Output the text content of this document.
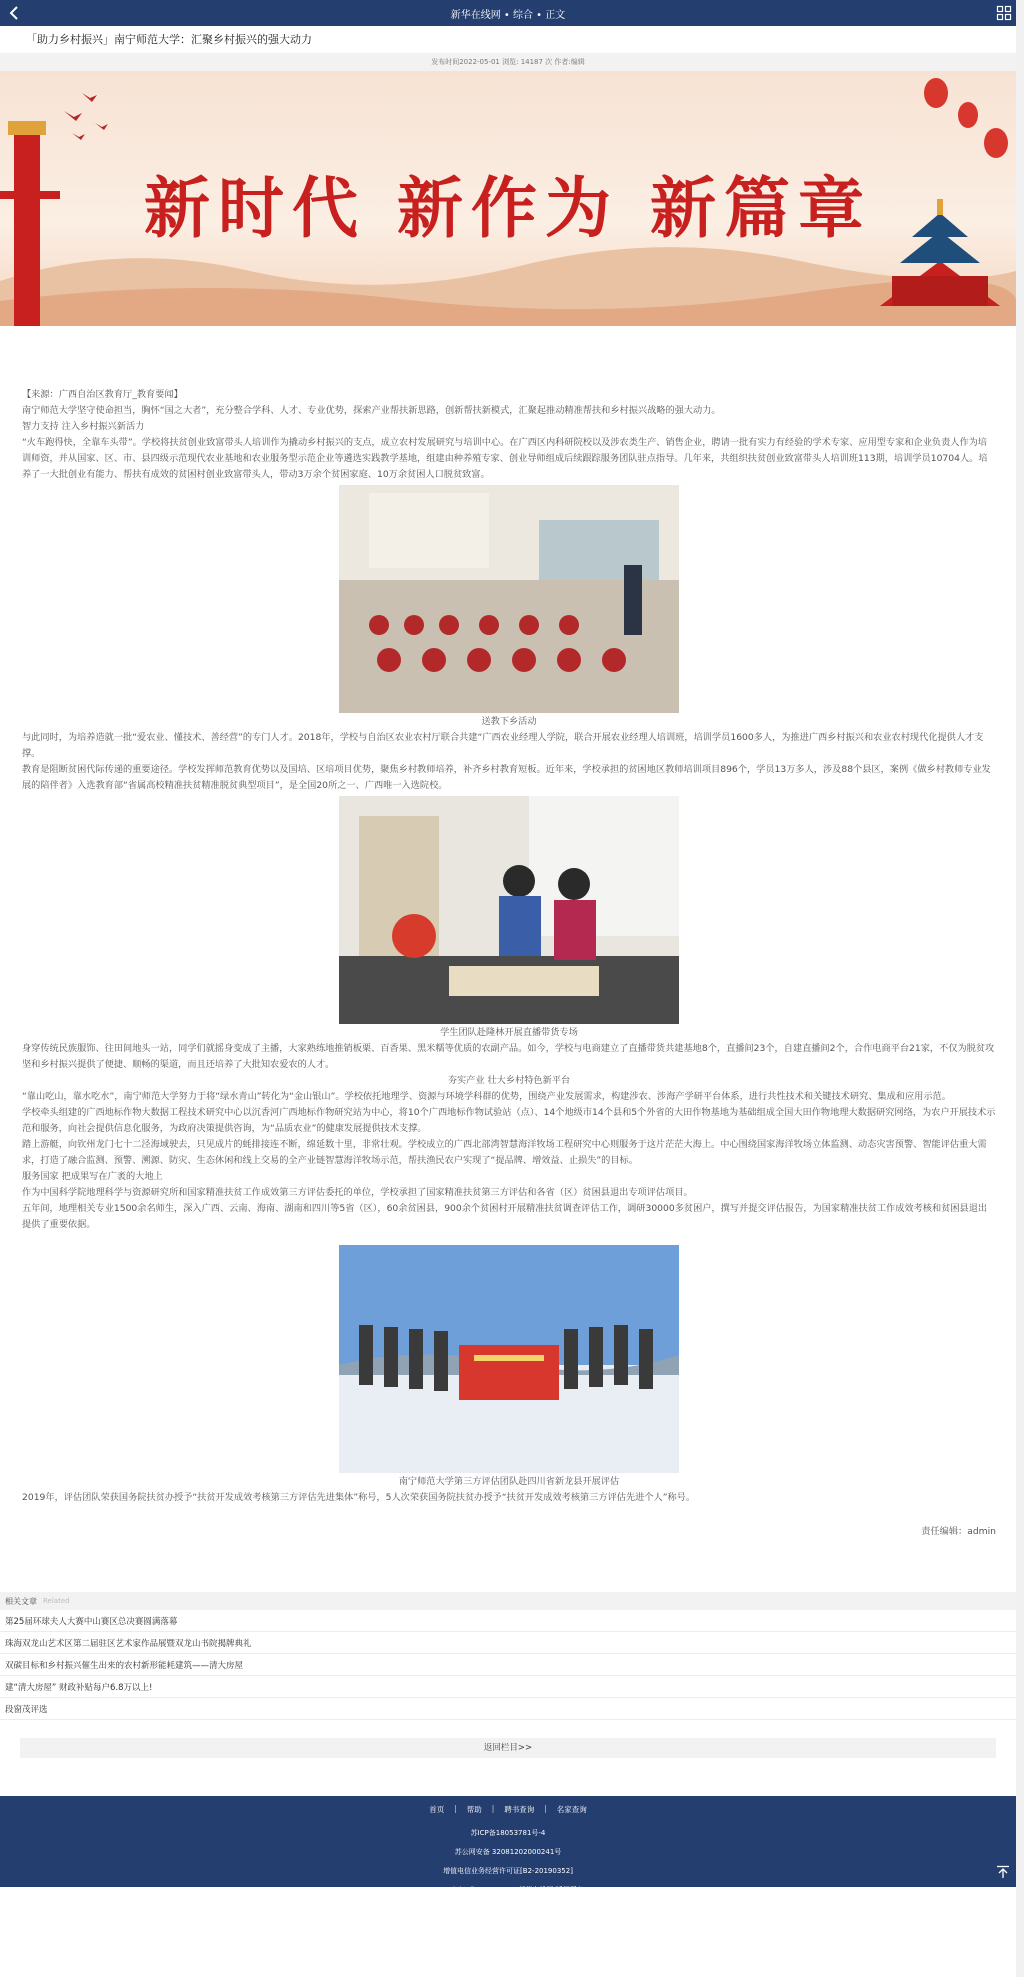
新华在线网 • 综合 • 正文
「助力乡村振兴」南宁师范大学：汇聚乡村振兴的强大动力
发布时间2022-05-01 浏览: 14187 次 作者:编辑
新时代 新作为 新篇章

【来源：广西自治区教育厅_教育要闻】

南宁师范大学坚守使命担当，胸怀“国之大者”，充分整合学科、人才、专业优势，探索产业帮扶新思路，创新帮扶新模式，汇聚起推动精准帮扶和乡村振兴战略的强大动力。

智力支持 注入乡村振兴新活力

“火车跑得快，全靠车头带”。学校将扶贫创业致富带头人培训作为撬动乡村振兴的支点，成立农村发展研究与培训中心。在广西区内科研院校以及涉农类生产、销售企业，聘请一批有实力有经验的学术专家、应用型专家和企业负责人作为培训师资，并从国家、区、市、县四级示范现代农业基地和农业服务型示范企业等遴选实践教学基地，组建由种养殖专家、创业导师组成后续跟踪服务团队驻点指导。几年来，共组织扶贫创业致富带头人培训班113期，培训学员10704人。培养了一大批创业有能力、帮扶有成效的贫困村创业致富带头人，带动3万余个贫困家庭、10万余贫困人口脱贫致富。

送教下乡活动

与此同时，为培养造就一批“爱农业、懂技术、善经营”的专门人才。2018年，学校与自治区农业农村厅联合共建“广西农业经理人学院，联合开展农业经理人培训班，培训学员1600多人，为推进广西乡村振兴和农业农村现代化提供人才支撑。

教育是阻断贫困代际传递的重要途径。学校发挥师范教育优势以及国培、区培项目优势，聚焦乡村教师培养，补齐乡村教育短板。近年来，学校承担的贫困地区教师培训项目896个，学员13万多人，涉及88个县区，案例《做乡村教师专业发展的陪伴者》入选教育部“省属高校精准扶贫精准脱贫典型项目”，是全国20所之一、广西唯一入选院校。

学生团队赴隆林开展直播带货专场

身穿传统民族服饰、往田间地头一站，同学们就摇身变成了主播，大家熟练地推销板栗、百香果、黑米糯等优质的农副产品。如今，学校与电商建立了直播带货共建基地8个，直播间23个，自建直播间2个，合作电商平台21家，不仅为脱贫攻坚和乡村振兴提供了便捷、顺畅的渠道，而且还培养了大批知农爱农的人才。

夯实产业 壮大乡村特色新平台

“靠山吃山，靠水吃水”，南宁师范大学努力于将“绿水青山”转化为“金山银山”。学校依托地理学、资源与环境学科群的优势，围绕产业发展需求，构建涉农、涉海产学研平台体系，进行共性技术和关键技术研究、集成和应用示范。

学校牵头组建的广西地标作物大数据工程技术研究中心以沉香河广西地标作物研究站为中心，将10个广西地标作物试验站（点）、14个地级市14个县和5个外省的大田作物基地为基础组成全国大田作物地理大数据研究网络，为农户开展技术示范和服务，向社会提供信息化服务，为政府决策提供咨询，为“品质农业”的健康发展提供技术支撑。

踏上游艇，向钦州龙门七十二泾海域驶去，只见成片的蚝排接连不断，绵延数十里，非常壮观。学校成立的广西北部湾智慧海洋牧场工程研究中心则服务于这片茫茫大海上。中心围绕国家海洋牧场立体监测、动态灾害预警、智能评估重大需求，打造了融合监测、预警、溯源、防灾、生态休闲和线上交易的全产业链智慧海洋牧场示范，帮扶渔民农户实现了“提品牌、增效益、止损失”的目标。

服务国家 把成果写在广袤的大地上

作为中国科学院地理科学与资源研究所和国家精准扶贫工作成效第三方评估委托的单位，学校承担了国家精准扶贫第三方评估和各省（区）贫困县退出专项评估项目。

五年间，地理相关专业1500余名师生，深入广西、云南、海南、湖南和四川等5省（区），60余贫困县，900余个贫困村开展精准扶贫调查评估工作，调研30000多贫困户，撰写并提交评估报告，为国家精准扶贫工作成效考核和贫困县退出提供了重要依据。

南宁师范大学第三方评估团队赴四川省新龙县开展评估

2019年，评估团队荣获国务院扶贫办授予“扶贫开发成效考核第三方评估先进集体”称号，5人次荣获国务院扶贫办授予“扶贫开发成效考核第三方评估先进个人”称号。

责任编辑：admin
相关文章 Related
第25届环球夫人大赛中山赛区总决赛圆满落幕
珠海双龙山艺术区第二届驻区艺术家作品展暨双龙山书院揭牌典礼
双碳目标和乡村振兴催生出来的农村新形能耗建筑——清大房屋
建“清大房屋” 财政补贴每户6.8万以上!
段窗茂评选
返回栏目>>
首页 | 帮助 | 聘书查询 | 名家查询
苏ICP备18053781号-4
苏公网安备 32081202000241号
增值电信业务经营许可证[B2-20190352]
Copyright © 2018-2023 新华在线网 版权所有
